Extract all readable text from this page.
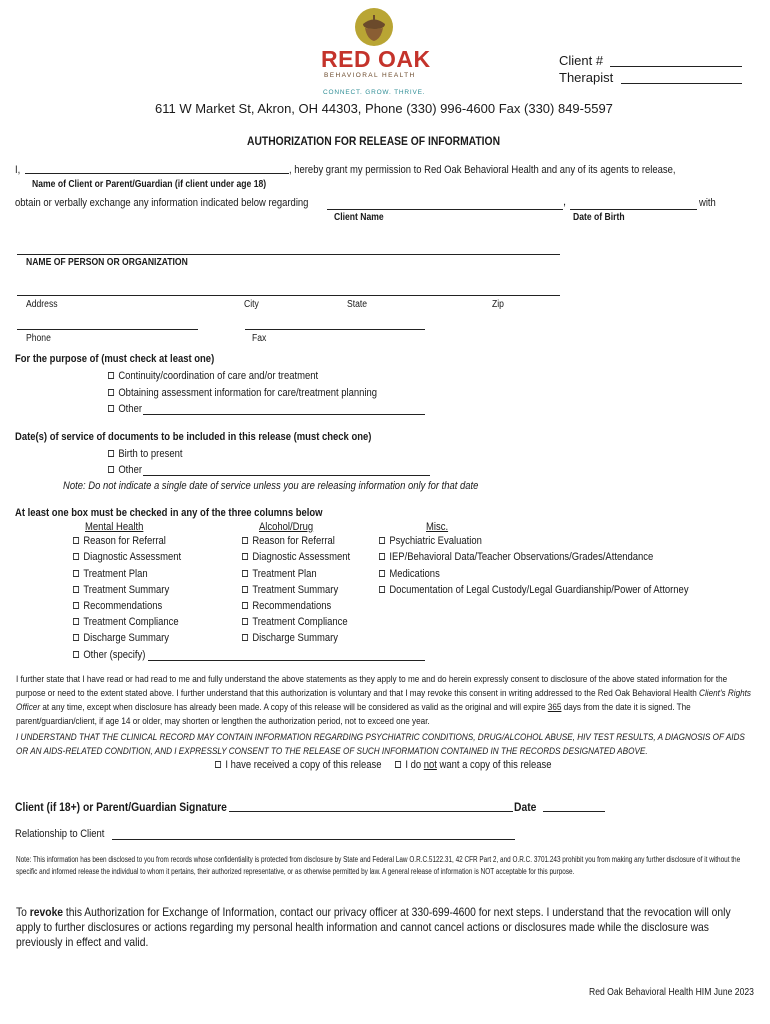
RED OAK
BEHAVIORAL HEALTH
CONNECT. GROW. THRIVE.
Client #
Therapist
611 W Market St, Akron, OH 44303, Phone (330) 996-4600 Fax (330) 849-5597
AUTHORIZATION FOR RELEASE OF INFORMATION
I,	, hereby grant my permission to Red Oak Behavioral Health and any of its agents to release,
Name of Client or Parent/Guardian (if client under age 18)
obtain or verbally exchange any information indicated below regarding	,	with
Client Name	Date of Birth
NAME OF PERSON OR ORGANIZATION
Address	City	State	Zip
Phone	Fax
For the purpose of (must check at least one)
Continuity/coordination of care and/or treatment
Obtaining assessment information for care/treatment planning
Other
Date(s) of service of documents to be included in this release (must check one)
Birth to present
Other
Note: Do not indicate a single date of service unless you are releasing information only for that date
At least one box must be checked in any of the three columns below
Mental Health
Reason for Referral
Diagnostic Assessment
Treatment Plan
Treatment Summary
Recommendations
Treatment Compliance
Discharge Summary
Other (specify)
Alcohol/Drug
Reason for Referral
Diagnostic Assessment
Treatment Plan
Treatment Summary
Recommendations
Treatment Compliance
Discharge Summary
Misc.
Psychiatric Evaluation
IEP/Behavioral Data/Teacher Observations/Grades/Attendance
Medications
Documentation of Legal Custody/Legal Guardianship/Power of Attorney
I further state that I have read or had read to me and fully understand the above statements as they apply to me and do herein expressly consent to disclosure of the above stated information for the purpose or need to the extent stated above. I further understand that this authorization is voluntary and that I may revoke this consent in writing addressed to the Red Oak Behavioral Health Client's Rights Officer at any time, except when disclosure has already been made. A copy of this release will be considered as valid as the original and will expire 365 days from the date it is signed. The parent/guardian/client, if age 14 or older, may shorten or lengthen the authorization period, not to exceed one year.
I UNDERSTAND THAT THE CLINICAL RECORD MAY CONTAIN INFORMATION REGARDING PSYCHIATRIC CONDITIONS, DRUG/ALCOHOL ABUSE, HIV TEST RESULTS, A DIAGNOSIS OF AIDS OR AN AIDS-RELATED CONDITION, AND I EXPRESSLY CONSENT TO THE RELEASE OF SUCH INFORMATION CONTAINED IN THE RECORDS DESIGNATED ABOVE.
I have received a copy of this release	I do not want a copy of this release
Client (if 18+) or Parent/Guardian Signature	Date
Relationship to Client
Note: This information has been disclosed to you from records whose confidentiality is protected from disclosure by State and Federal Law O.R.C.5122.31, 42 CFR Part 2, and O.R.C. 3701.243 prohibit you from making any further disclosure of it without the specific and informed release the individual to whom it pertains, their authorized representative, or as otherwise permitted by law. A general release of information is NOT acceptable for this purpose.
To revoke this Authorization for Exchange of Information, contact our privacy officer at 330-699-4600 for next steps. I understand that the revocation will only apply to further disclosures or actions regarding my personal health information and cannot cancel actions or disclosures made while the disclosure was previously in effect and valid.
Red Oak Behavioral Health HIM June 2023
